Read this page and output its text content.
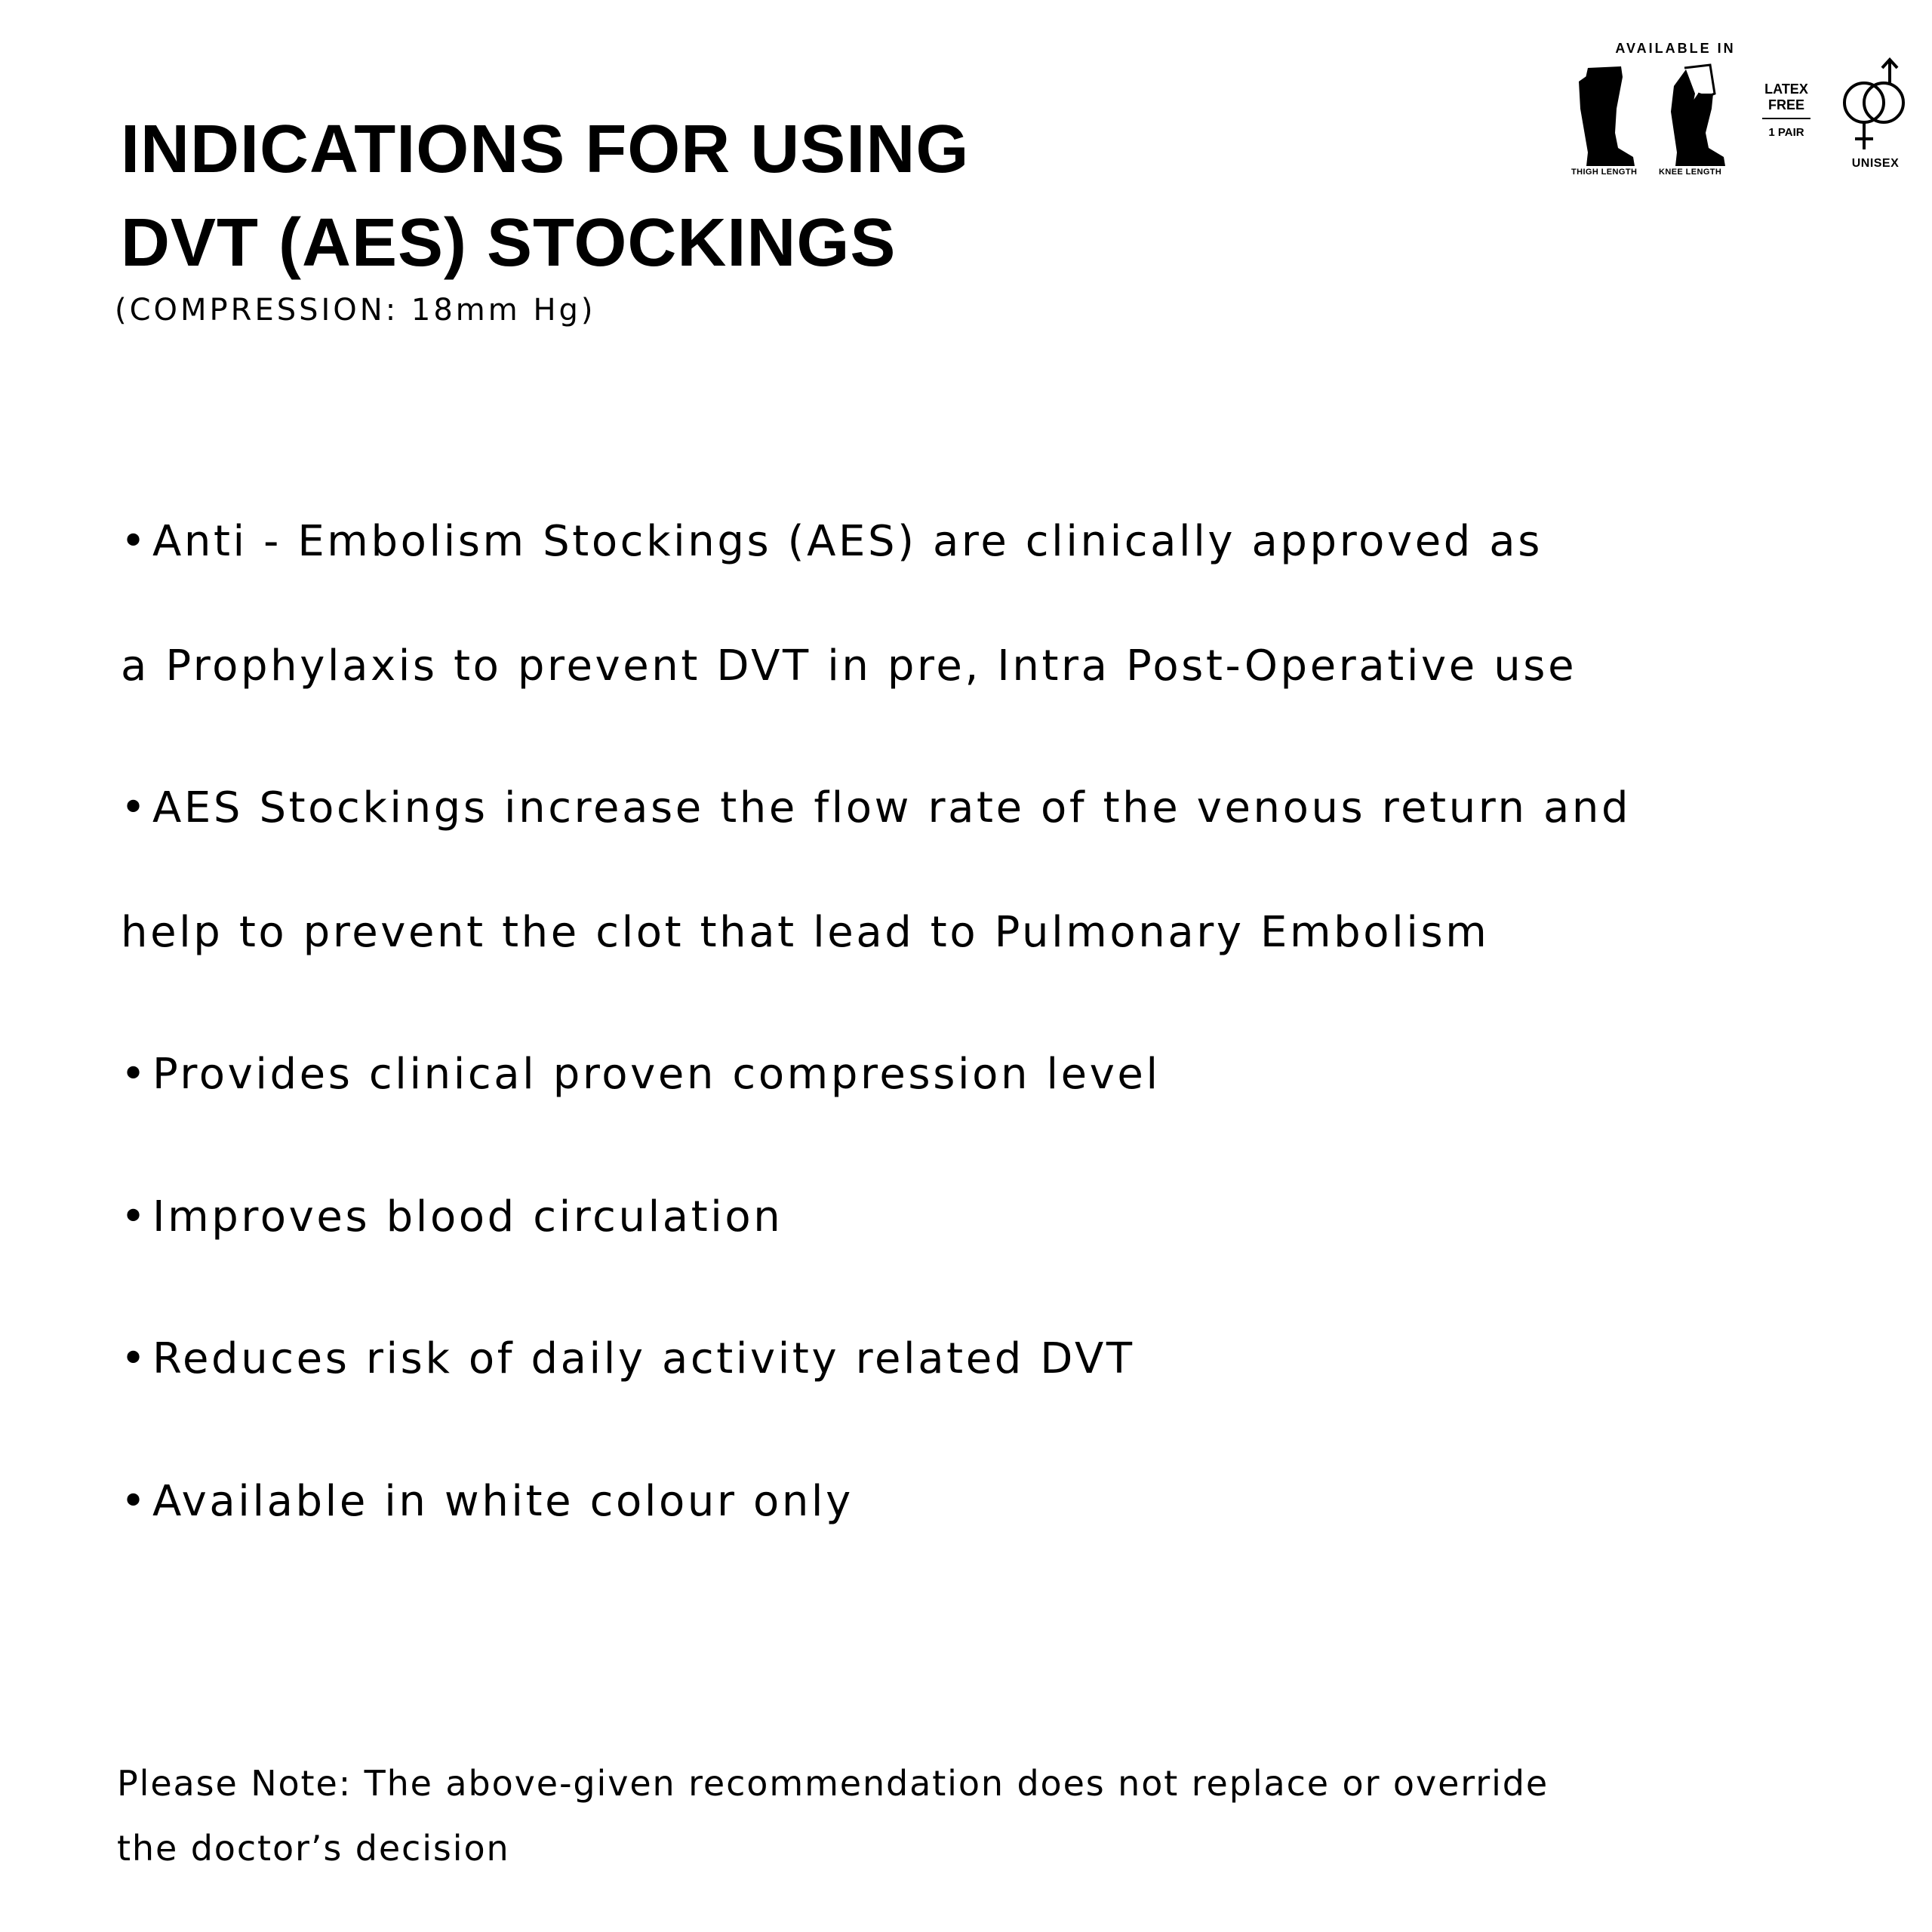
INDICATIONS FOR USING
DVT (AES) STOCKINGS
(COMPRESSION: 18mm Hg)
AVAILABLE IN
THIGH LENGTH	KNEE LENGTH
LATEX
FREE
1 PAIR
UNISEX
•Anti - Embolism Stockings (AES) are clinically approved as
a Prophylaxis to prevent DVT in pre, Intra Post-Operative use
•AES Stockings increase the flow rate of the venous return and
help to prevent the clot that lead to Pulmonary Embolism
•Provides clinical proven compression level
•Improves blood circulation
•Reduces risk of daily activity related DVT
•Available in white colour only
Please Note: The above-given recommendation does not replace or override
the doctor’s decision
